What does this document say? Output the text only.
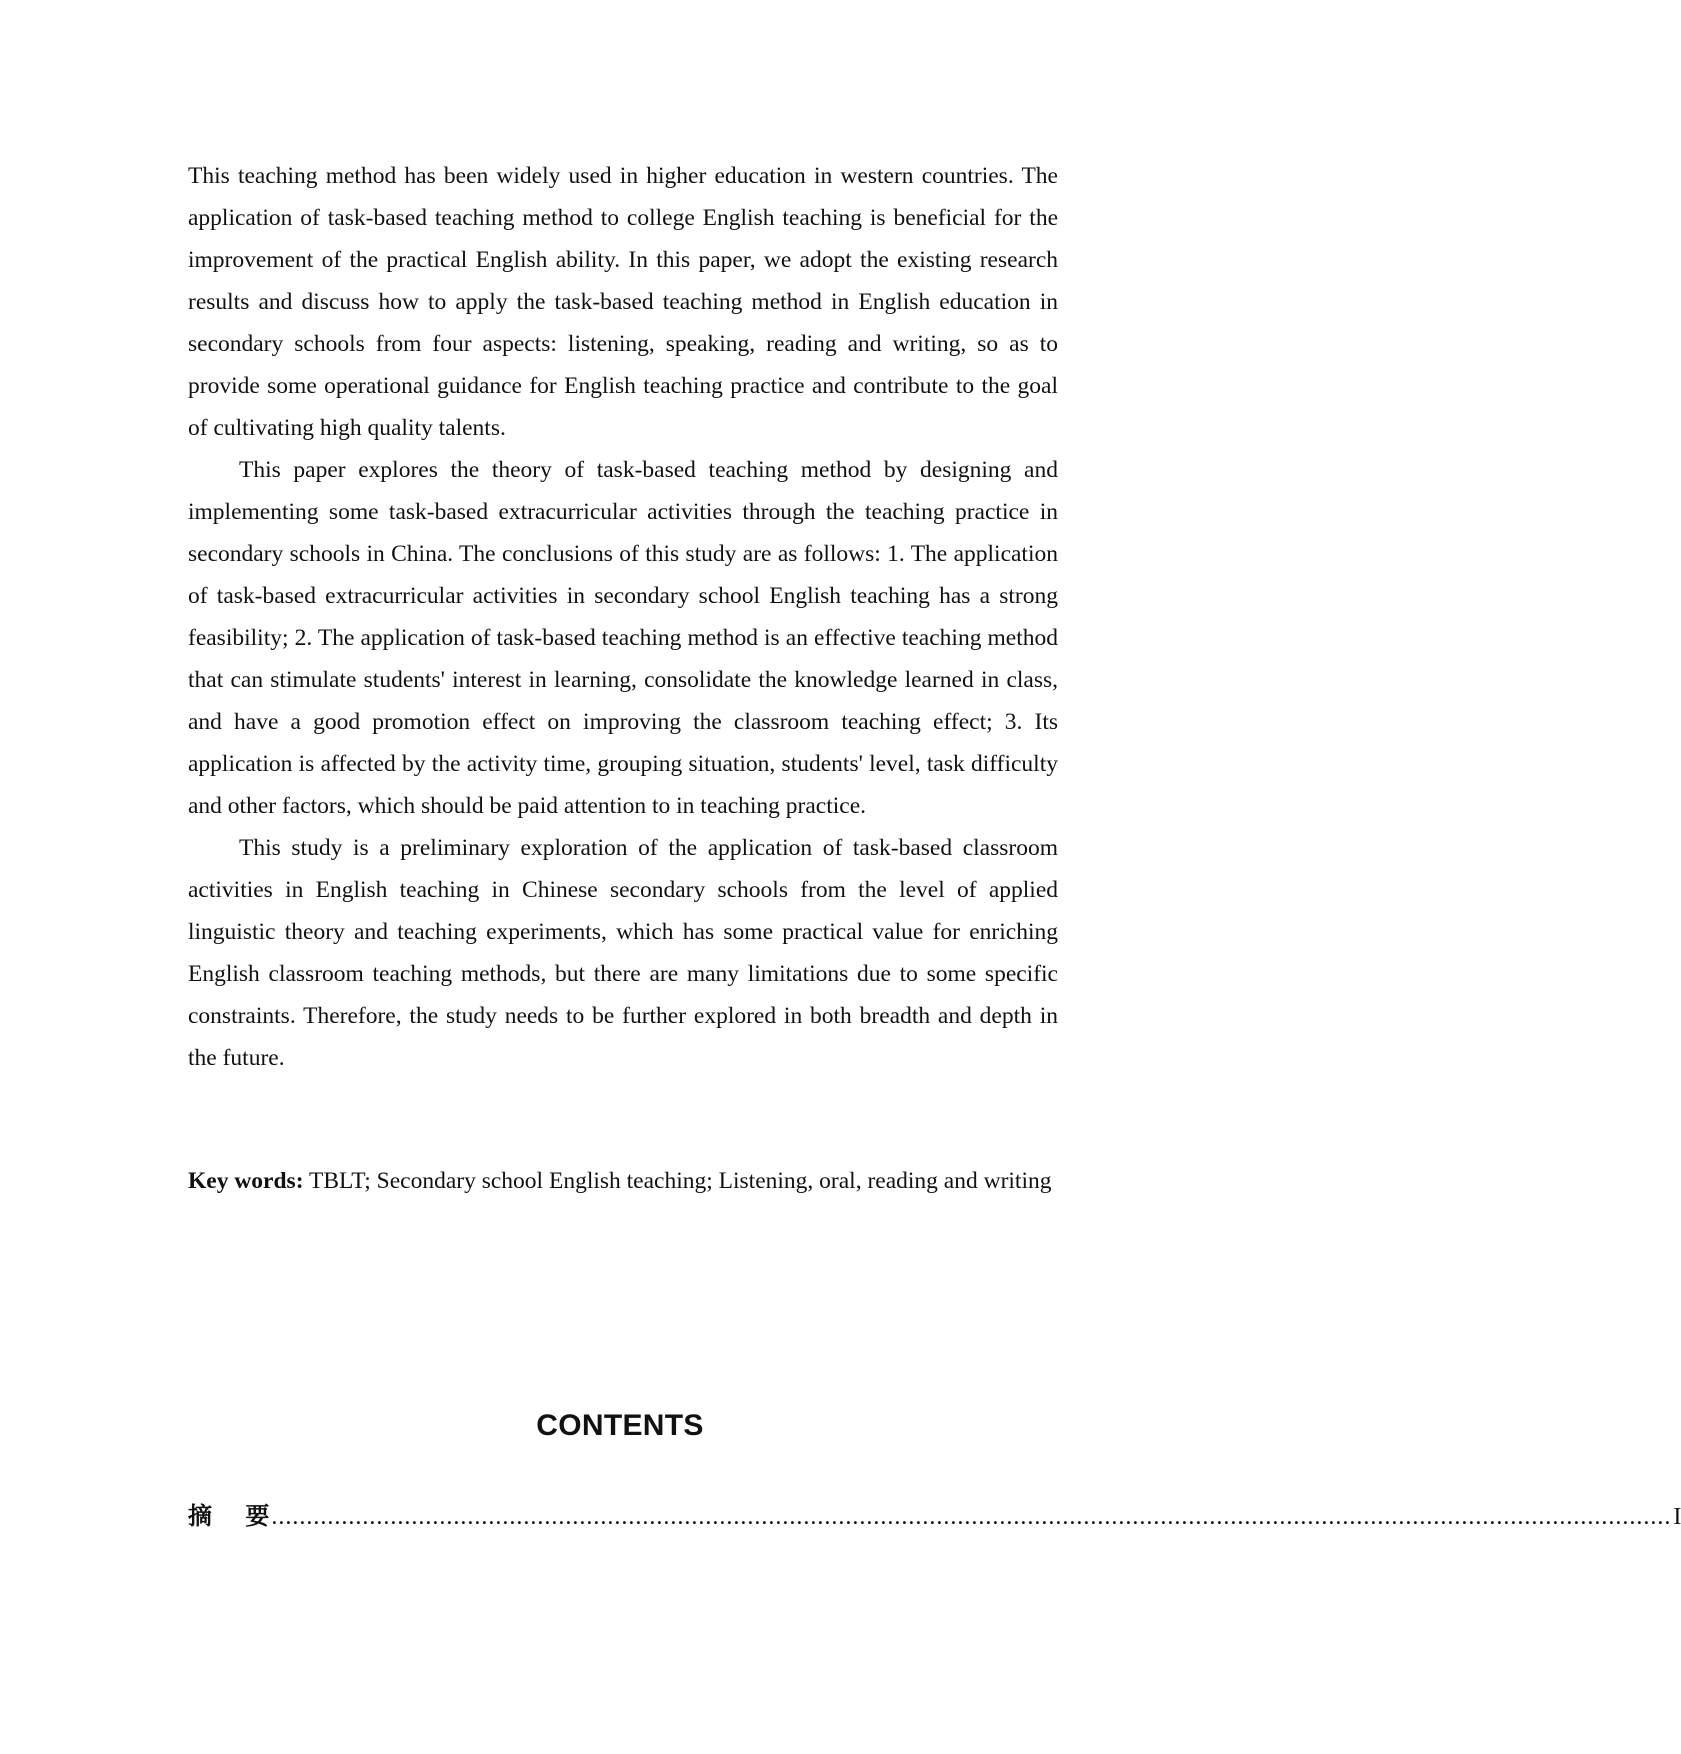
This teaching method has been widely used in higher education in western countries. The application of task-based teaching method to college English teaching is beneficial for the improvement of the practical English ability. In this paper, we adopt the existing research results and discuss how to apply the task-based teaching method in English education in secondary schools from four aspects: listening, speaking, reading and writing, so as to provide some operational guidance for English teaching practice and contribute to the goal of cultivating high quality talents.

This paper explores the theory of task-based teaching method by designing and implementing some task-based extracurricular activities through the teaching practice in secondary schools in China. The conclusions of this study are as follows: 1. The application of task-based extracurricular activities in secondary school English teaching has a strong feasibility; 2. The application of task-based teaching method is an effective teaching method that can stimulate students' interest in learning, consolidate the knowledge learned in class, and have a good promotion effect on improving the classroom teaching effect; 3. Its application is affected by the activity time, grouping situation, students' level, task difficulty and other factors, which should be paid attention to in teaching practice.

This study is a preliminary exploration of the application of task-based classroom activities in English teaching in Chinese secondary schools from the level of applied linguistic theory and teaching experiments, which has some practical value for enriching English classroom teaching methods, but there are many limitations due to some specific constraints. Therefore, the study needs to be further explored in both breadth and depth in the future.

Key words: TBLT; Secondary school English teaching; Listening, oral, reading and writing
CONTENTS
摘    要 ........................................................................................................................................................................................................ I
